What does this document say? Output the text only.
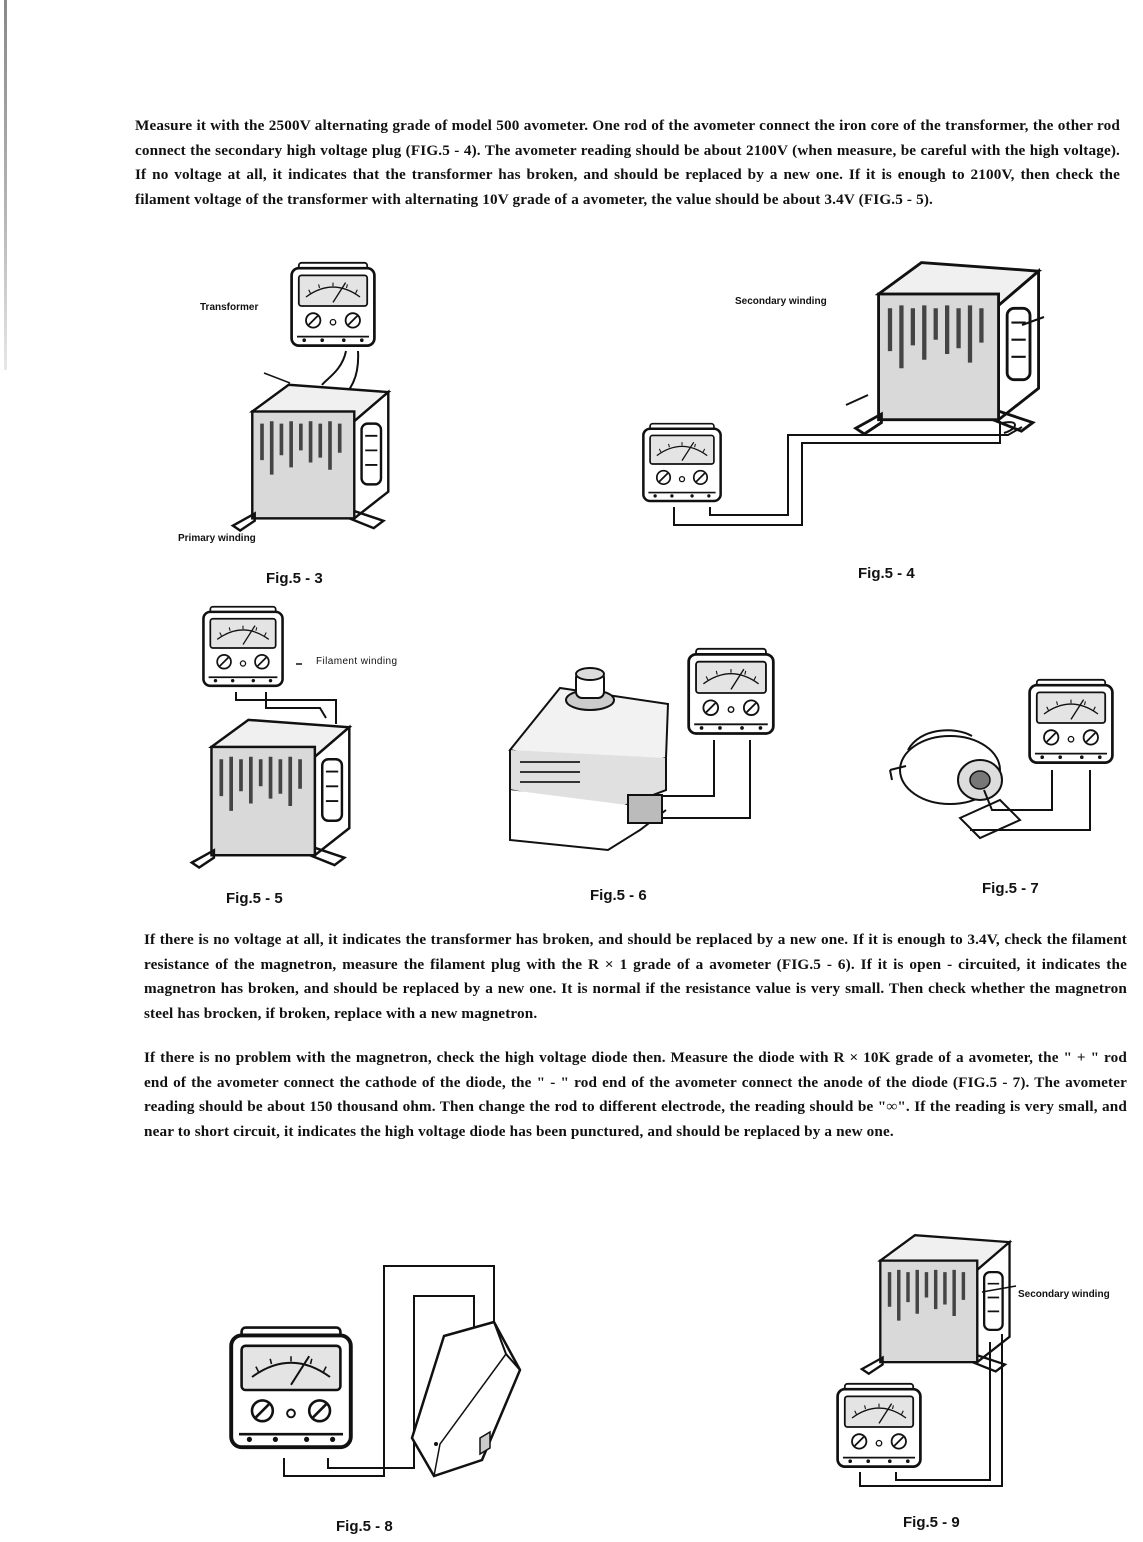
Measure it with the 2500V alternating grade of model 500 avometer. One rod of the avometer connect the iron core of the transformer, the other rod connect the secondary high voltage plug (FIG.5 - 4). The avometer reading should be about 2100V (when measure, be careful with the high voltage). If no voltage at all, it indicates that the transformer has broken, and should be replaced by a new one. If it is enough to 2100V, then check the filament voltage of the transformer with alternating 10V grade of a avometer, the value should be about 3.4V (FIG.5 - 5).

Transformer
Primary winding
Fig.5 - 3
Secondary winding
Fig.5 - 4
Filament winding
Fig.5 - 5	Fig.5 - 6	Fig.5 - 7

If there is no voltage at all, it indicates the transformer has broken, and should be replaced by a new one. If it is enough to 3.4V, check the filament resistance of the magnetron, measure the filament plug with the R × 1 grade of a avometer (FIG.5 - 6). If it is open - circuited, it indicates the magnetron has broken, and should be replaced by a new one. It is normal if the resistance value is very small. Then check whether the magnetron steel has brocken, if broken, replace with a new magnetron.

If there is no problem with the magnetron, check the high voltage diode then. Measure the diode with R × 10K grade of a avometer, the " + " rod end of the avometer connect the cathode of the diode, the " - " rod end of the avometer connect the anode of the diode (FIG.5 - 7). The avometer reading should be about 150 thousand ohm. Then change the rod to different electrode, the reading should be "∞". If the reading is very small, and near to short circuit, it indicates the high voltage diode has been punctured, and should be replaced by a new one.

Fig.5 - 8
Secondary winding
Fig.5 - 9
